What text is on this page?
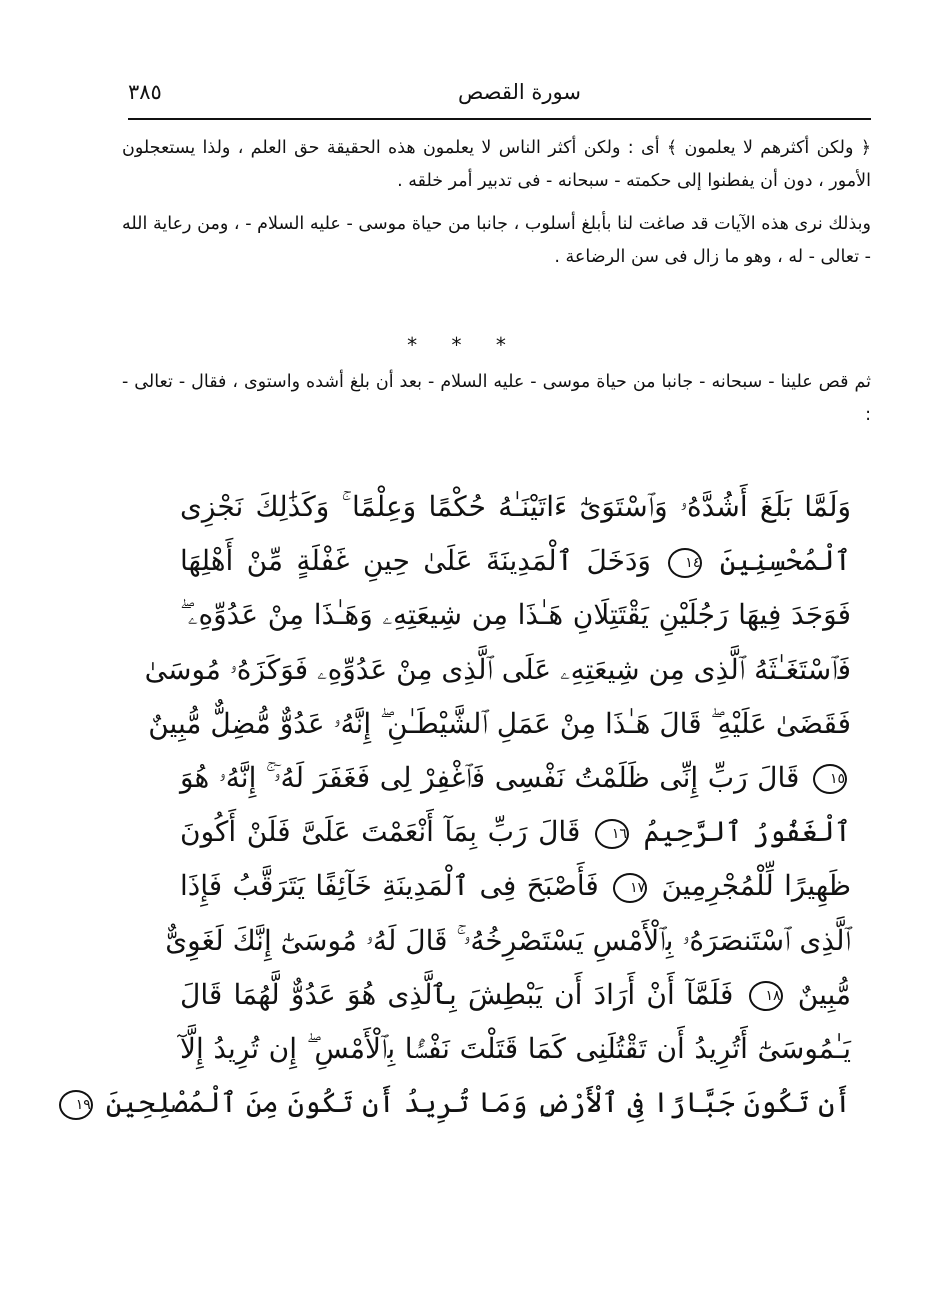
سورة القصص
٣٨٥

﴿ ولكن أكثرهم لا يعلمون ﴾ أى : ولكن أكثر الناس لا يعلمون هذه الحقيقة حق العلم ، ولذا يستعجلون الأمور ، دون أن يفطنوا إلى حكمته - سبحانه - فى تدبير أمر خلقه .

وبذلك نرى هذه الآيات قد صاغت لنا بأبلغ أسلوب ، جانبا من حياة موسى - عليه السلام - ، ومن رعاية الله - تعالى - له ، وهو ما زال فى سن الرضاعة .

* * *

ثم قص علينا - سبحانه - جانبا من حياة موسى - عليه السلام - بعد أن بلغ أشده واستوى ، فقال - تعالى - :

وَلَمَّا بَلَغَ أَشُدَّهُۥ وَٱسْتَوَىٰٓ ءَاتَيْنَـٰهُ حُكْمًا وَعِلْمًا ۚ وَكَذَٰلِكَ نَجْزِى
ٱلْمُحْسِنِينَ ١٤ وَدَخَلَ ٱلْمَدِينَةَ عَلَىٰ حِينِ غَفْلَةٍ مِّنْ أَهْلِهَا
فَوَجَدَ فِيهَا رَجُلَيْنِ يَقْتَتِلَانِ هَـٰذَا مِن شِيعَتِهِۦ وَهَـٰذَا مِنْ عَدُوِّهِۦ ۖ
فَٱسْتَغَـٰثَهُ ٱلَّذِى مِن شِيعَتِهِۦ عَلَى ٱلَّذِى مِنْ عَدُوِّهِۦ فَوَكَزَهُۥ مُوسَىٰ
فَقَضَىٰ عَلَيْهِ ۖ قَالَ هَـٰذَا مِنْ عَمَلِ ٱلشَّيْطَـٰنِ ۖ إِنَّهُۥ عَدُوٌّ مُّضِلٌّ مُّبِينٌ
١٥ قَالَ رَبِّ إِنِّى ظَلَمْتُ نَفْسِى فَٱغْفِرْ لِى فَغَفَرَ لَهُۥٓ ۚ إِنَّهُۥ هُوَ
ٱلْغَفُورُ ٱلرَّحِيمُ ١٦ قَالَ رَبِّ بِمَآ أَنْعَمْتَ عَلَىَّ فَلَنْ أَكُونَ
ظَهِيرًا لِّلْمُجْرِمِينَ ١٧ فَأَصْبَحَ فِى ٱلْمَدِينَةِ خَآئِفًا يَتَرَقَّبُ فَإِذَا
ٱلَّذِى ٱسْتَنصَرَهُۥ بِٱلْأَمْسِ يَسْتَصْرِخُهُۥ ۚ قَالَ لَهُۥ مُوسَىٰٓ إِنَّكَ لَغَوِىٌّ
مُّبِينٌ ١٨ فَلَمَّآ أَنْ أَرَادَ أَن يَبْطِشَ بِٱلَّذِى هُوَ عَدُوٌّ لَّهُمَا قَالَ
يَـٰمُوسَىٰٓ أَتُرِيدُ أَن تَقْتُلَنِى كَمَا قَتَلْتَ نَفْسًۢا بِٱلْأَمْسِ ۖ إِن تُرِيدُ إِلَّآ
أَن تَكُونَ جَبَّارًا فِى ٱلْأَرْضِ وَمَا تُرِيدُ أَن تَكُونَ مِنَ ٱلْمُصْلِحِينَ ١٩
